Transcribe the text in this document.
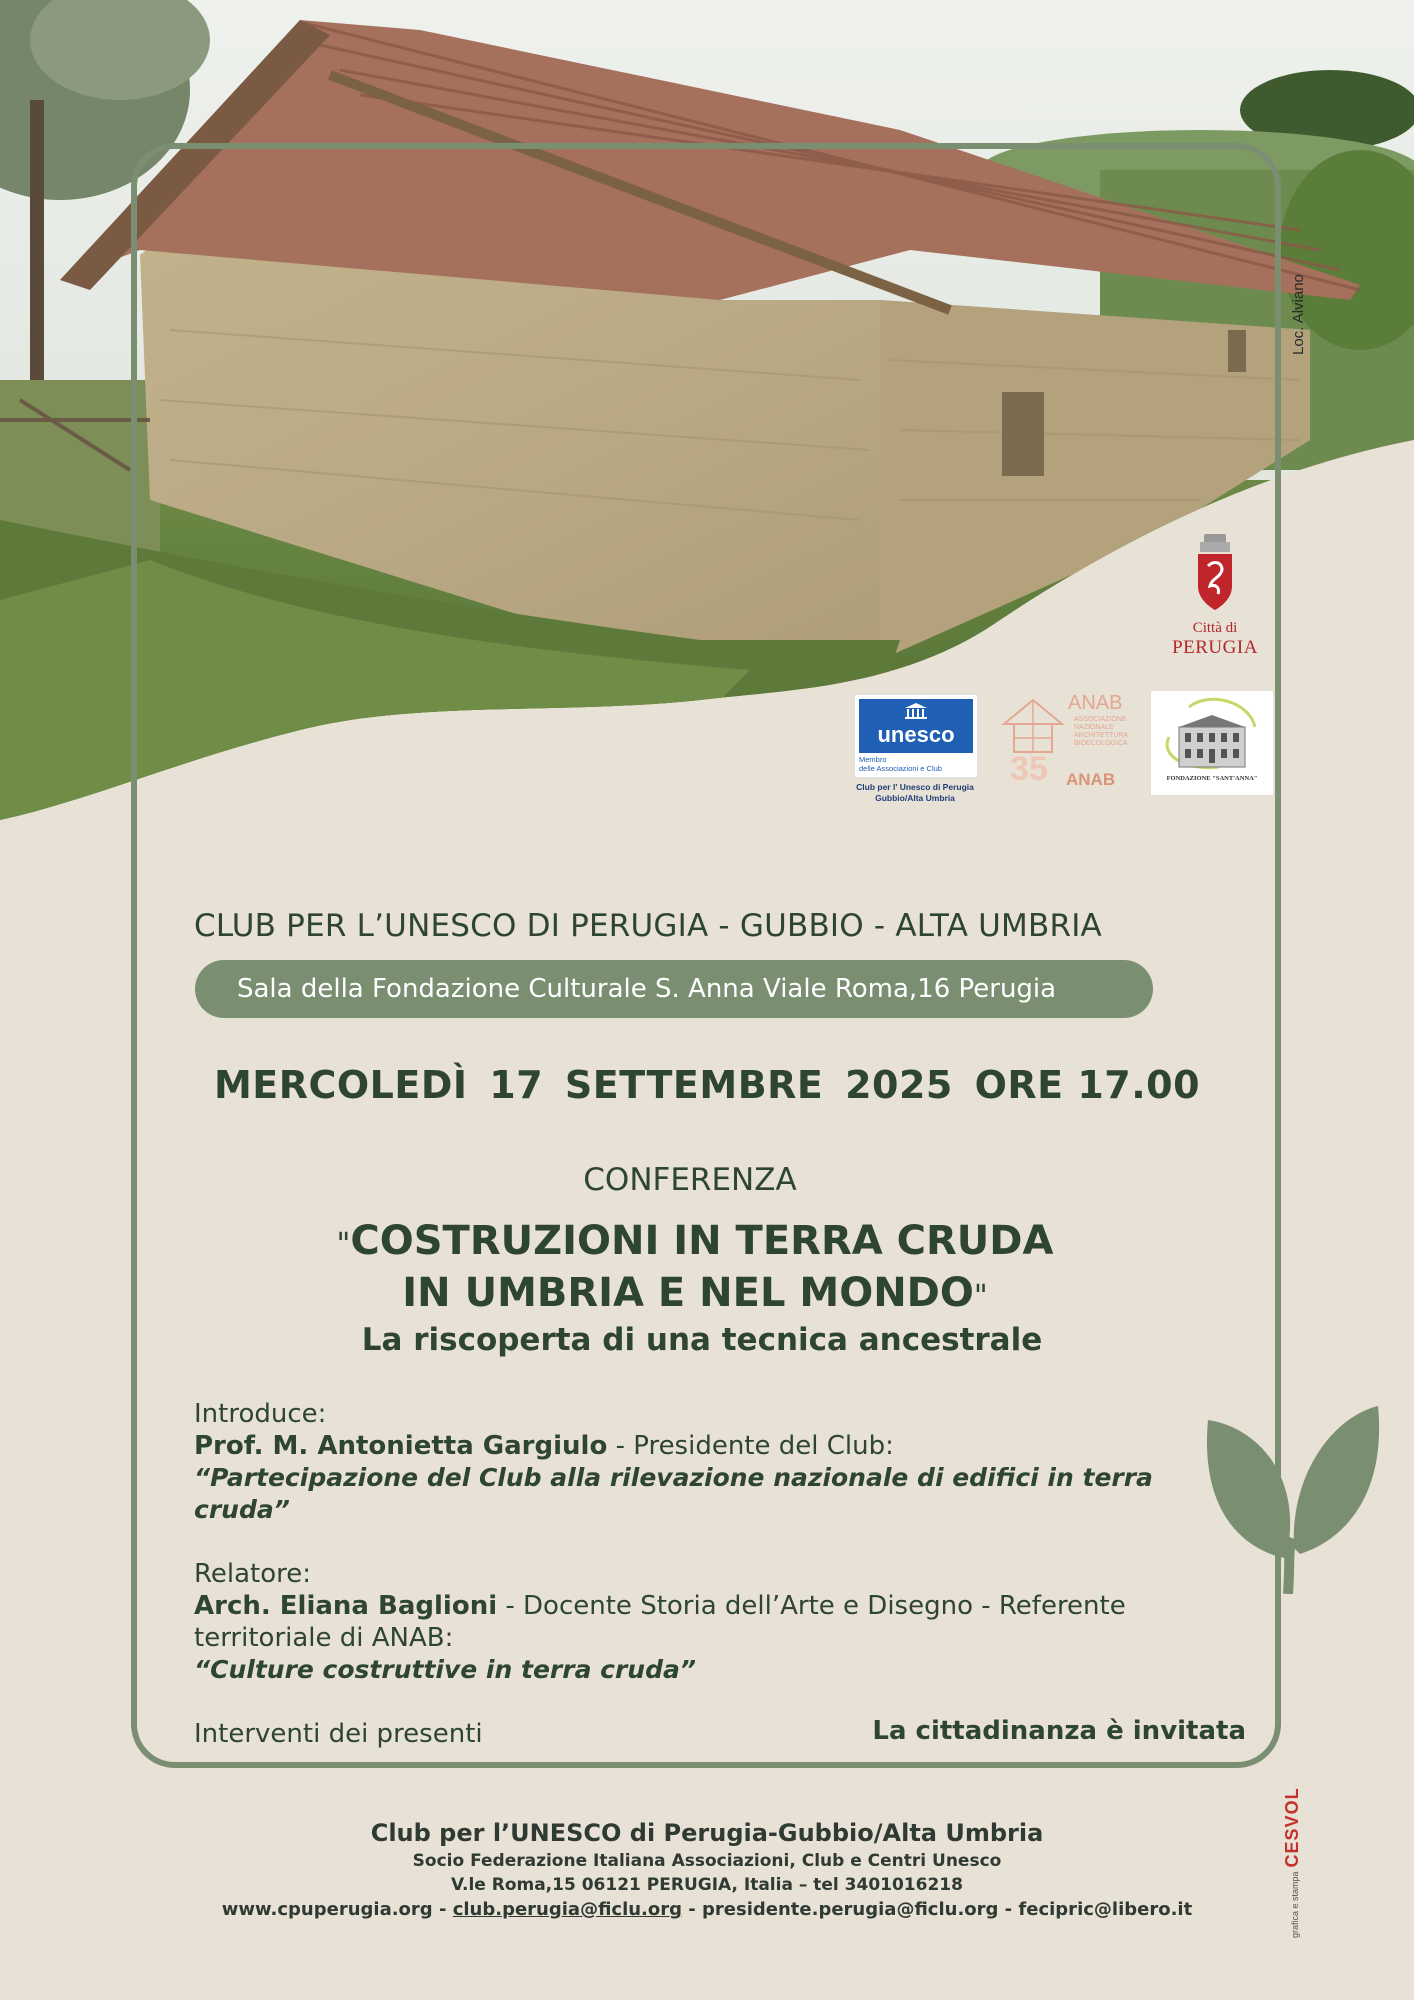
Loc. Alviano
Città di
PERUGIA
unesco
Membro
delle Associazioni e Club
Club per l' Unesco di Perugia
Gubbio/Alta Umbria
ANAB
ASSOCIAZIONE
NAZIONALE
ARCHITETTURA
BIOECOLOGICA
35 ANAB	FONDAZIONE "SANT'ANNA"
CLUB PER L’UNESCO DI PERUGIA - GUBBIO - ALTA UMBRIA
Sala della Fondazione Culturale S. Anna Viale Roma,16 Perugia
MERCOLEDÌ 17 SETTEMBRE 2025 ORE 17.00
CONFERENZA
"COSTRUZIONI IN TERRA CRUDA
IN UMBRIA E NEL MONDO"
La riscoperta di una tecnica ancestrale

Introduce:

Prof. M. Antonietta Gargiulo - Presidente del Club:

“Partecipazione del Club alla rilevazione nazionale di edifici in terra cruda”

Relatore:

Arch. Eliana Baglioni - Docente Storia dell’Arte e Disegno - Referente

territoriale di ANAB:

“Culture costruttive in terra cruda”

Interventi dei presenti	La cittadinanza è invitata
Club per l’UNESCO di Perugia-Gubbio/Alta Umbria
Socio Federazione Italiana Associazioni, Club e Centri Unesco
V.le Roma,15 06121 PERUGIA, Italia – tel 3401016218
www.cpuperugia.org - club.perugia@ficlu.org - presidente.perugia@ficlu.org - fecipric@libero.it	grafica e stampaCESVOL
